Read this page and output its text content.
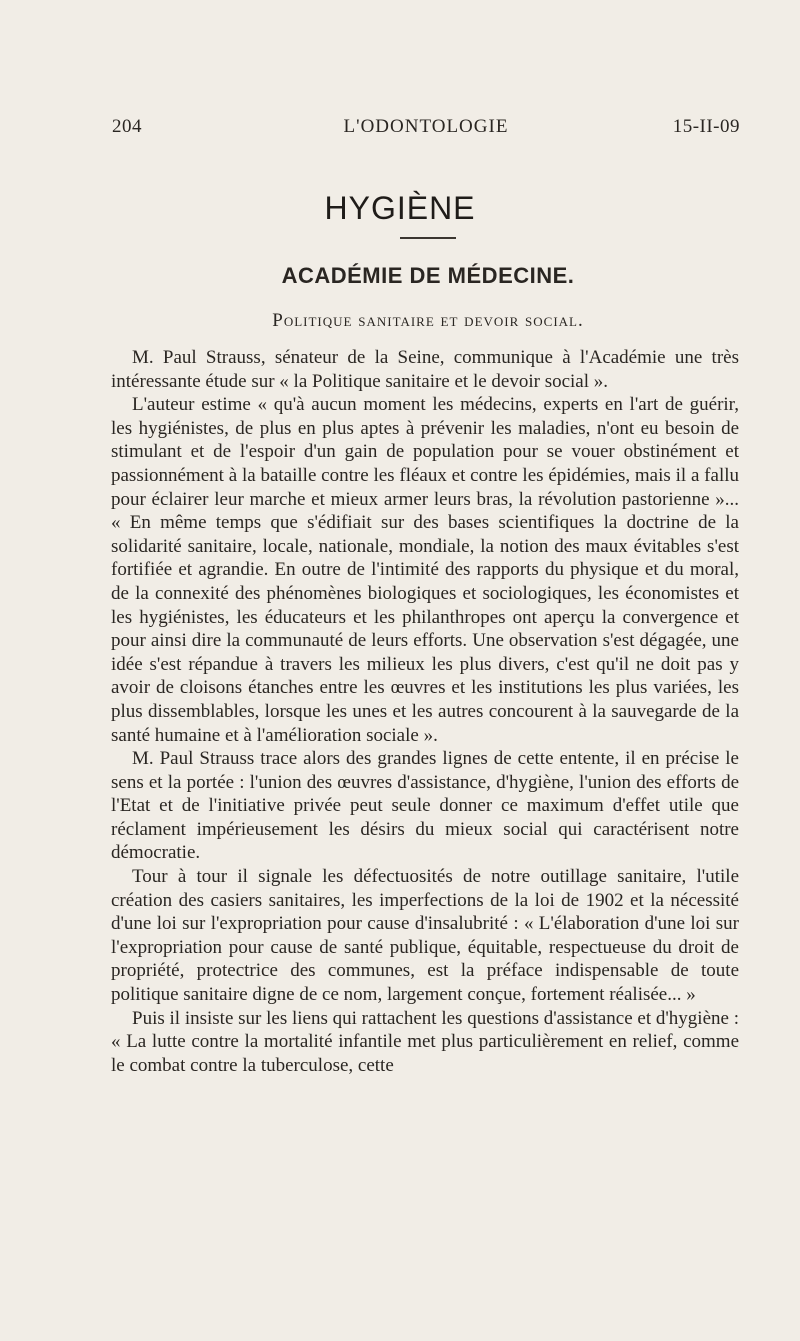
204	L'ODONTOLOGIE	15-II-09
HYGIÈNE
ACADÉMIE DE MÉDECINE.
Politique sanitaire et devoir social.

M. Paul Strauss, sénateur de la Seine, communique à l'Académie une très intéressante étude sur « la Politique sanitaire et le devoir social ».

L'auteur estime « qu'à aucun moment les médecins, experts en l'art de guérir, les hygiénistes, de plus en plus aptes à prévenir les maladies, n'ont eu besoin de stimulant et de l'espoir d'un gain de population pour se vouer obstinément et passionnément à la bataille contre les fléaux et contre les épidémies, mais il a fallu pour éclairer leur marche et mieux armer leurs bras, la révolution pastorienne »... « En même temps que s'édifiait sur des bases scientifiques la doctrine de la solidarité sanitaire, locale, nationale, mondiale, la notion des maux évitables s'est fortifiée et agrandie. En outre de l'intimité des rapports du physique et du moral, de la connexité des phénomènes biologiques et sociologiques, les économistes et les hygiénistes, les éducateurs et les philanthropes ont aperçu la convergence et pour ainsi dire la communauté de leurs efforts. Une observation s'est dégagée, une idée s'est répandue à travers les milieux les plus divers, c'est qu'il ne doit pas y avoir de cloisons étanches entre les œuvres et les institutions les plus variées, les plus dissemblables, lorsque les unes et les autres concourent à la sauvegarde de la santé humaine et à l'amélioration sociale ».

M. Paul Strauss trace alors des grandes lignes de cette entente, il en précise le sens et la portée : l'union des œuvres d'assistance, d'hygiène, l'union des efforts de l'Etat et de l'initiative privée peut seule donner ce maximum d'effet utile que réclament impérieusement les désirs du mieux social qui caractérisent notre démocratie.

Tour à tour il signale les défectuosités de notre outillage sanitaire, l'utile création des casiers sanitaires, les imperfections de la loi de 1902 et la nécessité d'une loi sur l'expropriation pour cause d'insalubrité : « L'élaboration d'une loi sur l'expropriation pour cause de santé publique, équitable, respectueuse du droit de propriété, protectrice des communes, est la préface indispensable de toute politique sanitaire digne de ce nom, largement conçue, fortement réalisée... »

Puis il insiste sur les liens qui rattachent les questions d'assistance et d'hygiène : « La lutte contre la mortalité infantile met plus particulièrement en relief, comme le combat contre la tuberculose, cette
